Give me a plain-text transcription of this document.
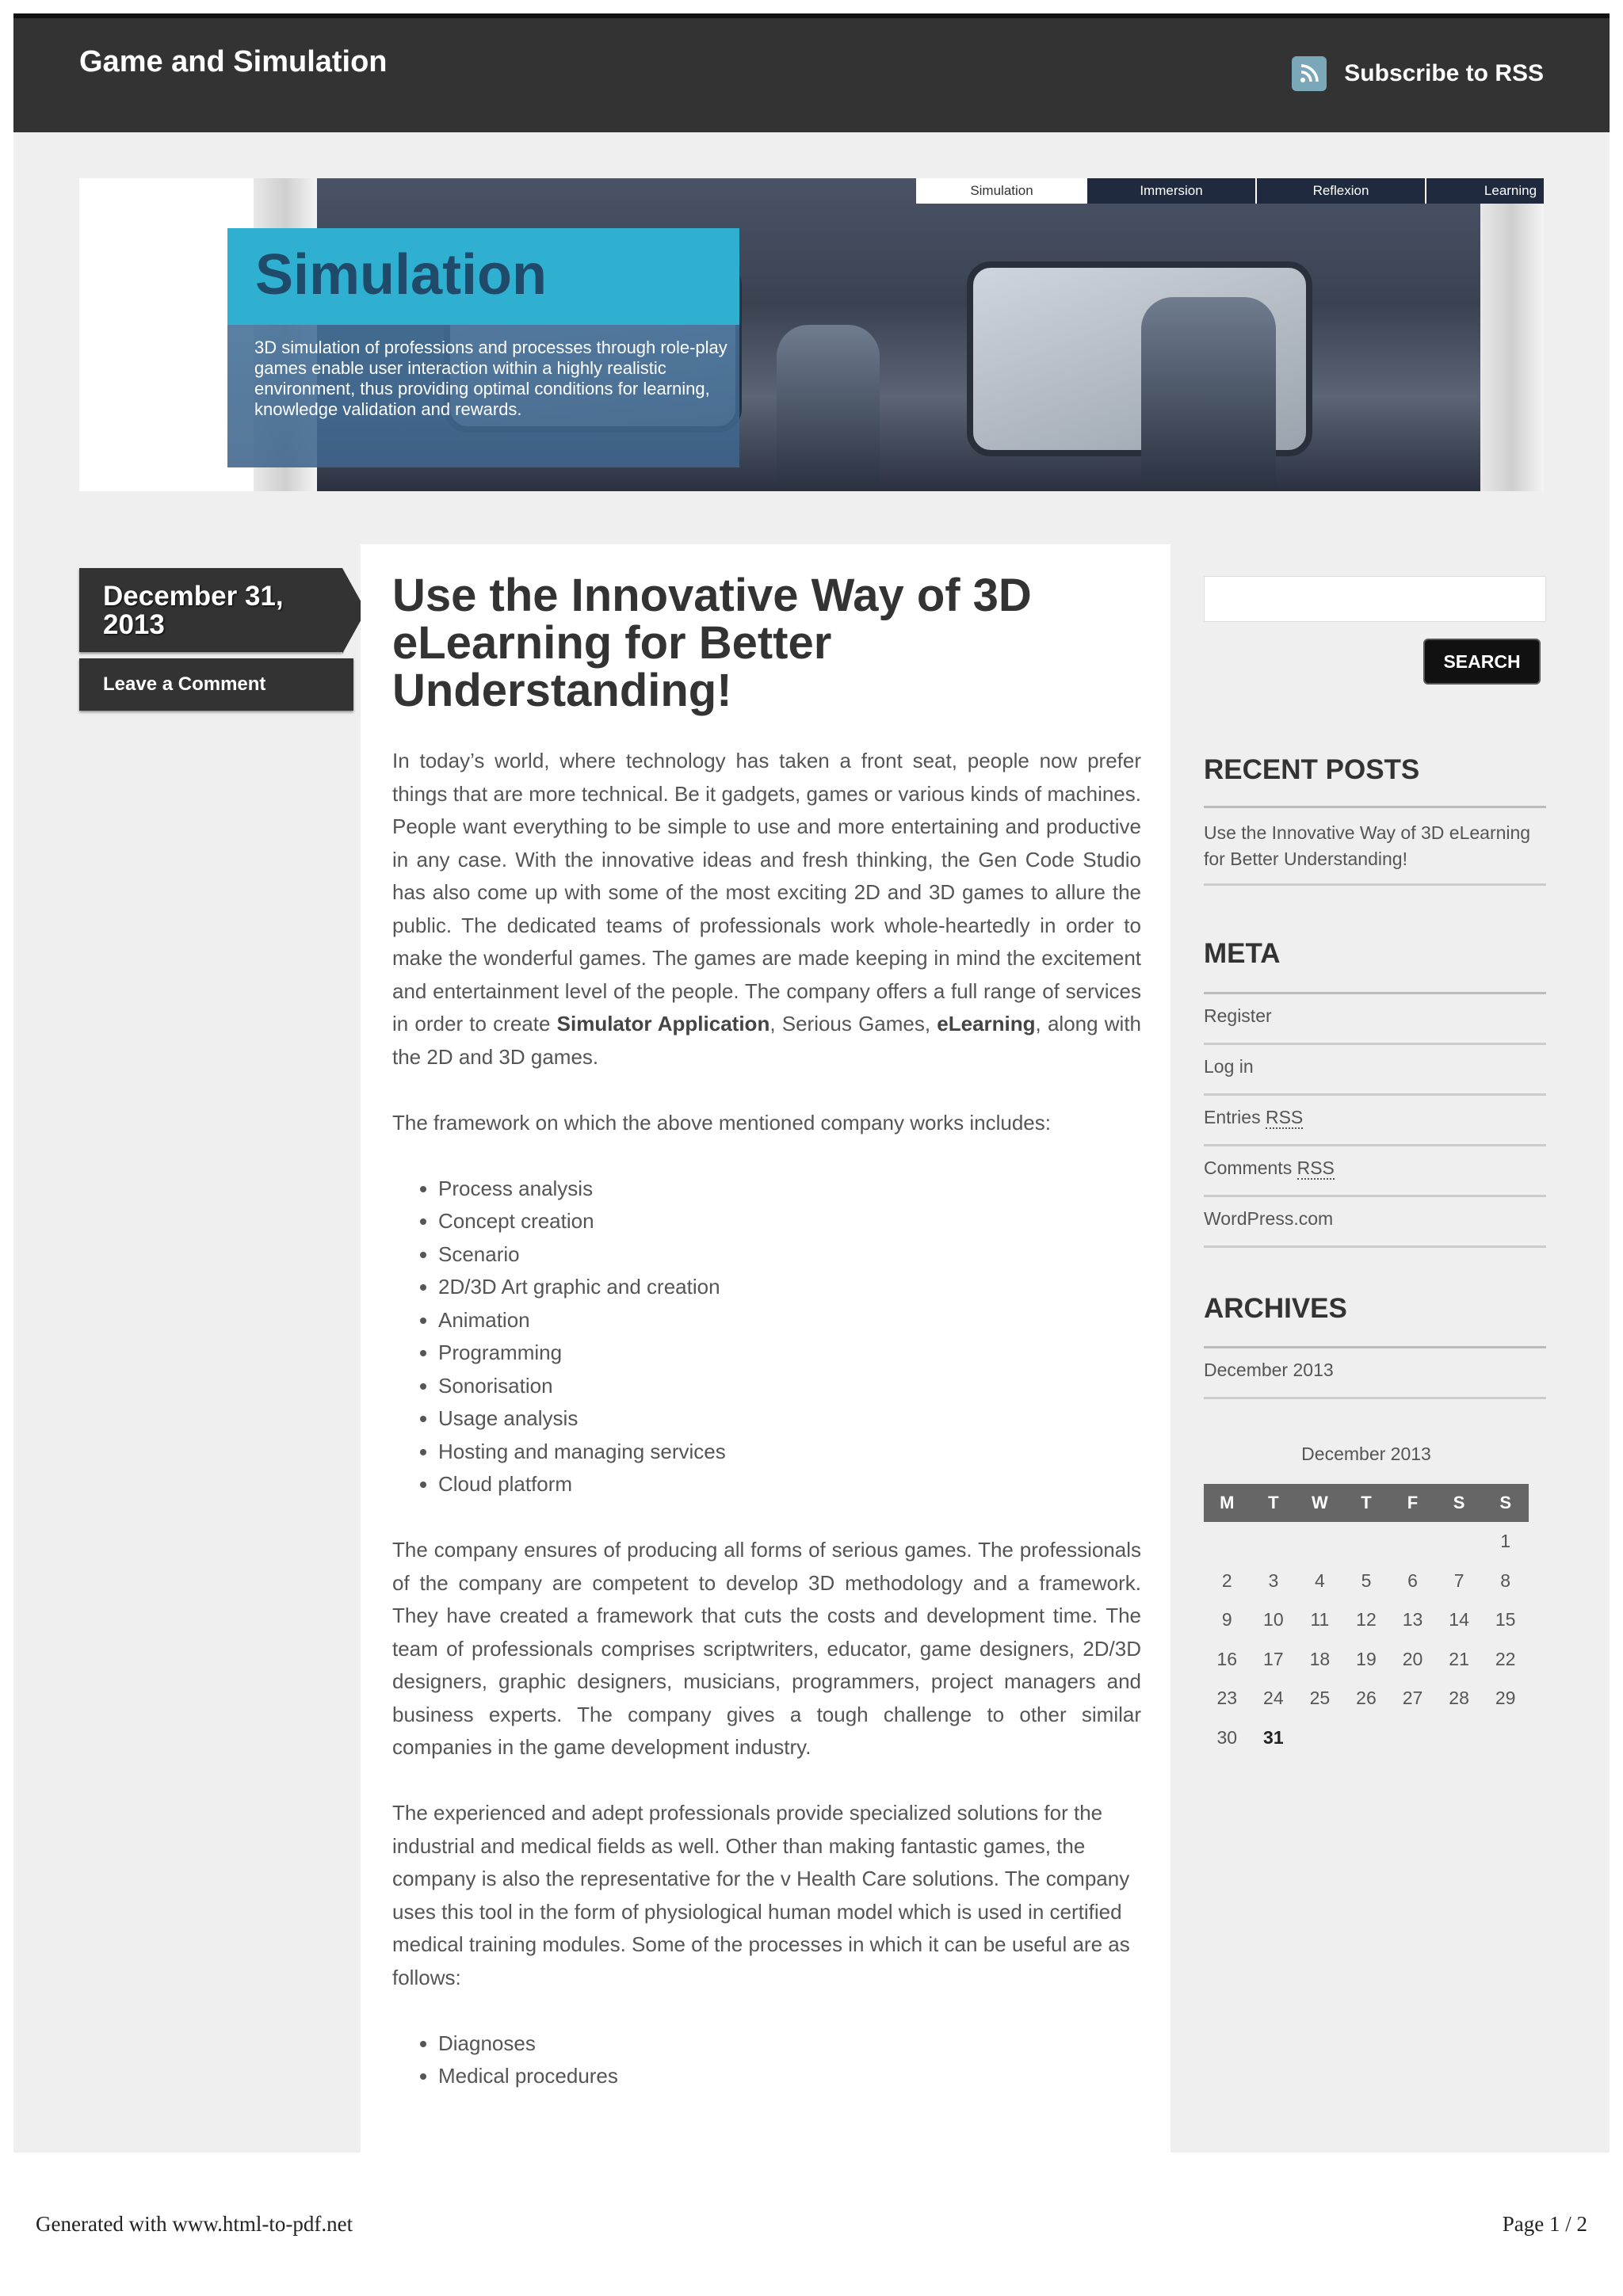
Game and Simulation	Subscribe to RSS
Simulation	Immersion	Reflexion	Learning
Simulation
3D simulation of professions and processes through role-play games enable user interaction within a highly realistic environment, thus providing optimal conditions for learning, knowledge validation and rewards.
December 31, 2013
Leave a Comment
Use the Innovative Way of 3D eLearning for Better Understanding!

In today’s world, where technology has taken a front seat, people now prefer things that are more technical. Be it gadgets, games or various kinds of machines. People want everything to be simple to use and more entertaining and productive in any case. With the innovative ideas and fresh thinking, the Gen Code Studio has also come up with some of the most exciting 2D and 3D games to allure the public. The dedicated teams of professionals work whole-heartedly in order to make the wonderful games. The games are made keeping in mind the excitement and entertainment level of the people. The company offers a full range of services in order to create Simulator Application, Serious Games, eLearning, along with the 2D and 3D games.

The framework on which the above mentioned company works includes:

• Process analysis
• Concept creation
• Scenario
• 2D/3D Art graphic and creation
• Animation
• Programming
• Sonorisation
• Usage analysis
• Hosting and managing services
• Cloud platform

The company ensures of producing all forms of serious games. The professionals of the company are competent to develop 3D methodology and a framework. They have created a framework that cuts the costs and development time. The team of professionals comprises scriptwriters, educator, game designers, 2D/3D designers, graphic designers, musicians, programmers, project managers and business experts. The company gives a tough challenge to other similar companies in the game development industry.

The experienced and adept professionals provide specialized solutions for the industrial and medical fields as well. Other than making fantastic games, the company is also the representative for the v Health Care solutions. The company uses this tool in the form of physiological human model which is used in certified medical training modules. Some of the processes in which it can be useful are as follows:

• Diagnoses
• Medical procedures
SEARCH
RECENT POSTS
Use the Innovative Way of 3D eLearning for Better Understanding!
META
Register
Log in
Entries RSS
Comments RSS
WordPress.com
ARCHIVES
December 2013
December 2013
M	T	W	T	F	S	S
						1
2	3	4	5	6	7	8
9	10	11	12	13	14	15
16	17	18	19	20	21	22
23	24	25	26	27	28	29
30	31					
Generated with www.html-to-pdf.net	Page 1 / 2
